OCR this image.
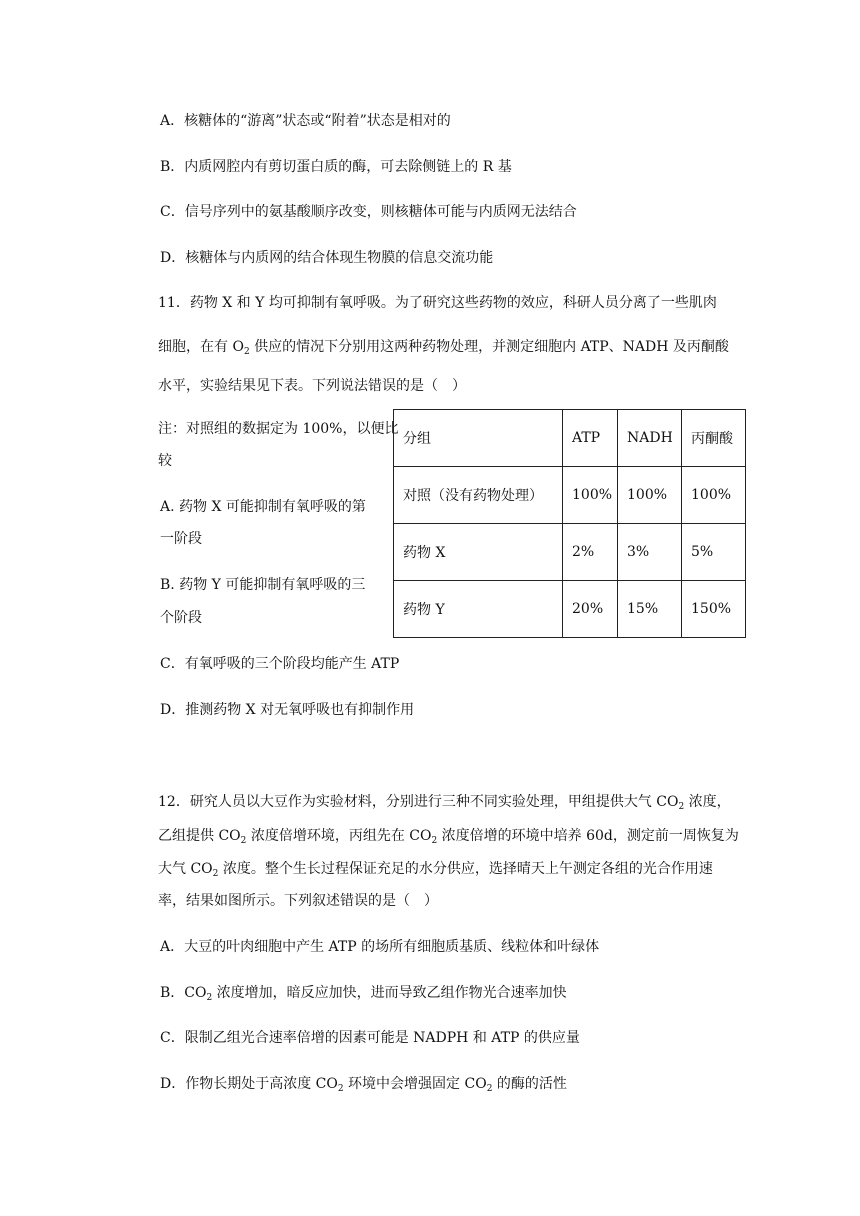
A．核糖体的“游离”状态或“附着”状态是相对的
B．内质网腔内有剪切蛋白质的酶，可去除侧链上的 R 基
C．信号序列中的氨基酸顺序改变，则核糖体可能与内质网无法结合
D．核糖体与内质网的结合体现生物膜的信息交流功能
11．药物 X 和 Y 均可抑制有氧呼吸。为了研究这些药物的效应，科研人员分离了一些肌肉
细胞，在有 $O_2$ 供应的情况下分别用这两种药物处理，并测定细胞内 ATP、NADH 及丙酮酸
水平，实验结果见下表。下列说法错误的是（　）
注：对照组的数据定为 100%，以便比
较
A. 药物 X 可能抑制有氧呼吸的第
一阶段
B. 药物 Y 可能抑制有氧呼吸的三
个阶段
分组	ATP	NADH	丙酮酸
对照（没有药物处理）	100%	100%	100%
药物 X	2%	3%	5%
药物 Y	20%	15%	150%
C．有氧呼吸的三个阶段均能产生 ATP
D．推测药物 X 对无氧呼吸也有抑制作用
12．研究人员以大豆作为实验材料，分别进行三种不同实验处理，甲组提供大气 $CO_2$ 浓度，
乙组提供 $CO_2$ 浓度倍增环境，丙组先在 $CO_2$ 浓度倍增的环境中培养 60d，测定前一周恢复为
大气 $CO_2$ 浓度。整个生长过程保证充足的水分供应，选择晴天上午测定各组的光合作用速
率，结果如图所示。下列叙述错误的是（　）
A．大豆的叶肉细胞中产生 ATP 的场所有细胞质基质、线粒体和叶绿体
B．$CO_2$ 浓度增加，暗反应加快，进而导致乙组作物光合速率加快
C．限制乙组光合速率倍增的因素可能是 NADPH 和 ATP 的供应量
D．作物长期处于高浓度 $CO_2$ 环境中会增强固定 $CO_2$ 的酶的活性
